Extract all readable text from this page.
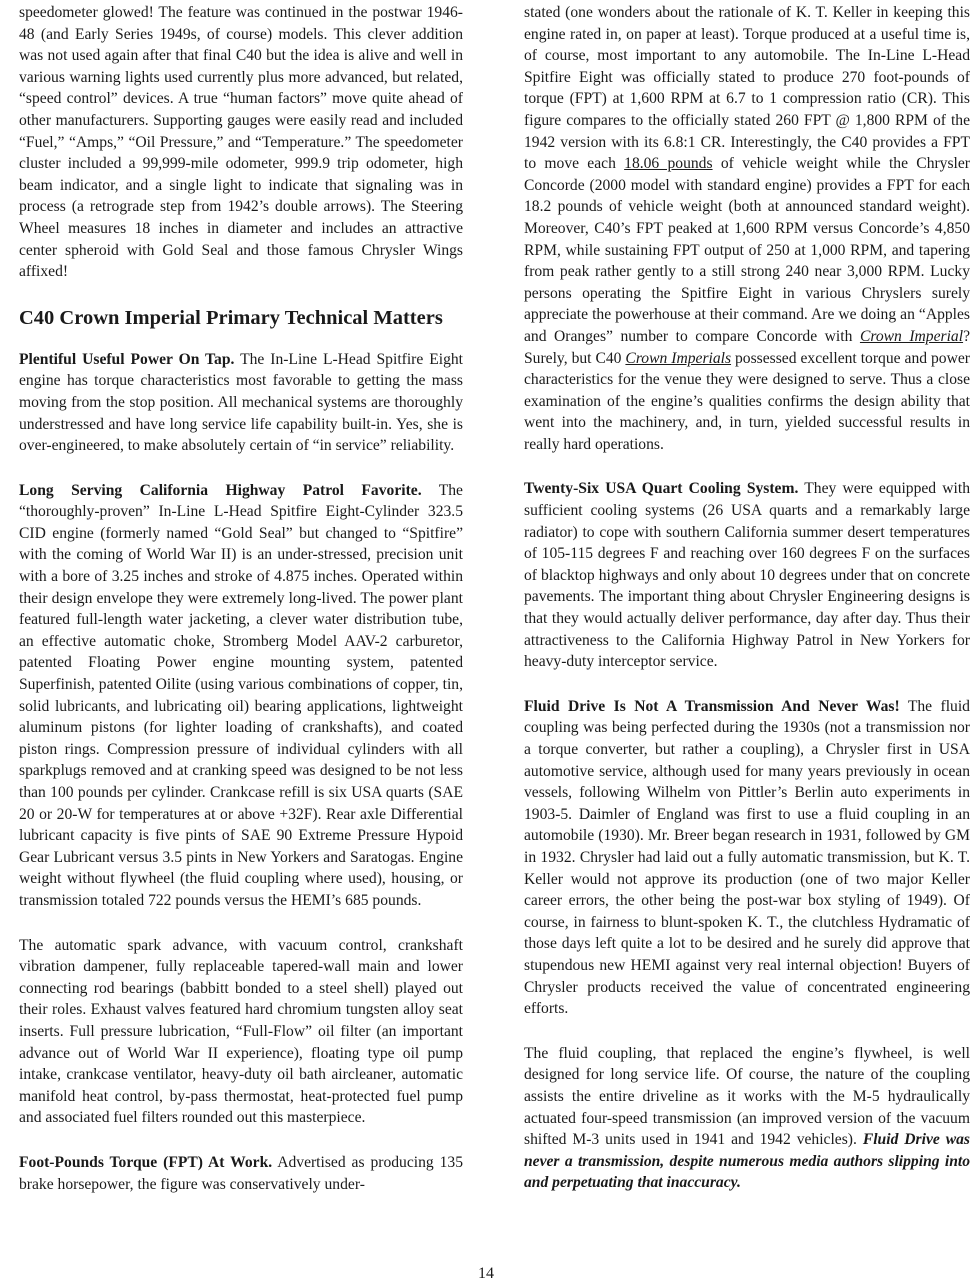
speedometer glowed! The feature was continued in the postwar 1946-48 (and Early Series 1949s, of course) models. This clever addition was not used again after that final C40 but the idea is alive and well in various warning lights used currently plus more advanced, but related, “speed control” devices. A true “human factors” move quite ahead of other manufacturers. Supporting gauges were easily read and included “Fuel,” “Amps,” “Oil Pressure,” and “Temperature.” The speedometer cluster included a 99,999-mile odometer, 999.9 trip odometer, high beam indicator, and a single light to indicate that signaling was in process (a retrograde step from 1942’s double arrows). The Steering Wheel measures 18 inches in diameter and includes an attractive center spheroid with Gold Seal and those famous Chrysler Wings affixed!

C40 Crown Imperial Primary Technical Matters

Plentiful Useful Power On Tap. The In-Line L-Head Spitfire Eight engine has torque characteristics most favorable to getting the mass moving from the stop position. All mechanical systems are thoroughly understressed and have long service life capability built-in. Yes, she is over-engineered, to make absolutely certain of “in service” reliability.

Long Serving California Highway Patrol Favorite. The “thoroughly-proven” In-Line L-Head Spitfire Eight-Cylinder 323.5 CID engine (formerly named “Gold Seal” but changed to “Spitfire” with the coming of World War II) is an under-stressed, precision unit with a bore of 3.25 inches and stroke of 4.875 inches. Operated within their design envelope they were extremely long-lived. The power plant featured full-length water jacketing, a clever water distribution tube, an effective automatic choke, Stromberg Model AAV-2 carburetor, patented Floating Power engine mounting system, patented Superfinish, patented Oilite (using various combinations of copper, tin, solid lubricants, and lubricating oil) bearing applications, lightweight aluminum pistons (for lighter loading of crankshafts), and coated piston rings. Compression pressure of individual cylinders with all sparkplugs removed and at cranking speed was designed to be not less than 100 pounds per cylinder. Crankcase refill is six USA quarts (SAE 20 or 20-W for temperatures at or above +32F). Rear axle Differential lubricant capacity is five pints of SAE 90 Extreme Pressure Hypoid Gear Lubricant versus 3.5 pints in New Yorkers and Saratogas. Engine weight without flywheel (the fluid coupling where used), housing, or transmission totaled 722 pounds versus the HEMI’s 685 pounds.

The automatic spark advance, with vacuum control, crankshaft vibration dampener, fully replaceable tapered-wall main and lower connecting rod bearings (babbitt bonded to a steel shell) played out their roles. Exhaust valves featured hard chromium tungsten alloy seat inserts. Full pressure lubrication, “Full-Flow” oil filter (an important advance out of World War II experience), floating type oil pump intake, crankcase ventilator, heavy-duty oil bath aircleaner, automatic manifold heat control, by-pass thermostat, heat-protected fuel pump and associated fuel filters rounded out this masterpiece.

Foot-Pounds Torque (FPT) At Work. Advertised as producing 135 brake horsepower, the figure was conservatively under-

stated (one wonders about the rationale of K. T. Keller in keeping this engine rated in, on paper at least). Torque produced at a useful time is, of course, most important to any automobile. The In-Line L-Head Spitfire Eight was officially stated to produce 270 foot-pounds of torque (FPT) at 1,600 RPM at 6.7 to 1 compression ratio (CR). This figure compares to the officially stated 260 FPT @ 1,800 RPM of the 1942 version with its 6.8:1 CR. Interestingly, the C40 provides a FPT to move each 18.06 pounds of vehicle weight while the Chrysler Concorde (2000 model with standard engine) provides a FPT for each 18.2 pounds of vehicle weight (both at announced standard weight). Moreover, C40’s FPT peaked at 1,600 RPM versus Concorde’s 4,850 RPM, while sustaining FPT output of 250 at 1,000 RPM, and tapering from peak rather gently to a still strong 240 near 3,000 RPM. Lucky persons operating the Spitfire Eight in various Chryslers surely appreciate the powerhouse at their command. Are we doing an “Apples and Oranges” number to compare Concorde with Crown Imperial? Surely, but C40 Crown Imperials possessed excellent torque and power characteristics for the venue they were designed to serve. Thus a close examination of the engine’s qualities confirms the design ability that went into the machinery, and, in turn, yielded successful results in really hard operations.

Twenty-Six USA Quart Cooling System. They were equipped with sufficient cooling systems (26 USA quarts and a remarkably large radiator) to cope with southern California summer desert temperatures of 105-115 degrees F and reaching over 160 degrees F on the surfaces of blacktop highways and only about 10 degrees under that on concrete pavements. The important thing about Chrysler Engineering designs is that they would actually deliver performance, day after day. Thus their attractiveness to the California Highway Patrol in New Yorkers for heavy-duty interceptor service.

Fluid Drive Is Not A Transmission And Never Was! The fluid coupling was being perfected during the 1930s (not a transmission nor a torque converter, but rather a coupling), a Chrysler first in USA automotive service, although used for many years previously in ocean vessels, following Wilhelm von Pittler’s Berlin auto experiments in 1903-5. Daimler of England was first to use a fluid coupling in an automobile (1930). Mr. Breer began research in 1931, followed by GM in 1932. Chrysler had laid out a fully automatic transmission, but K. T. Keller would not approve its production (one of two major Keller career errors, the other being the post-war box styling of 1949). Of course, in fairness to blunt-spoken K. T., the clutchless Hydramatic of those days left quite a lot to be desired and he surely did approve that stupendous new HEMI against very real internal objection! Buyers of Chrysler products received the value of concentrated engineering efforts.

The fluid coupling, that replaced the engine’s flywheel, is well designed for long service life. Of course, the nature of the coupling assists the entire driveline as it works with the M-5 hydraulically actuated four-speed transmission (an improved version of the vacuum shifted M-3 units used in 1941 and 1942 vehicles). Fluid Drive was never a transmission, despite numerous media authors slipping into and perpetuating that inaccuracy.

14
